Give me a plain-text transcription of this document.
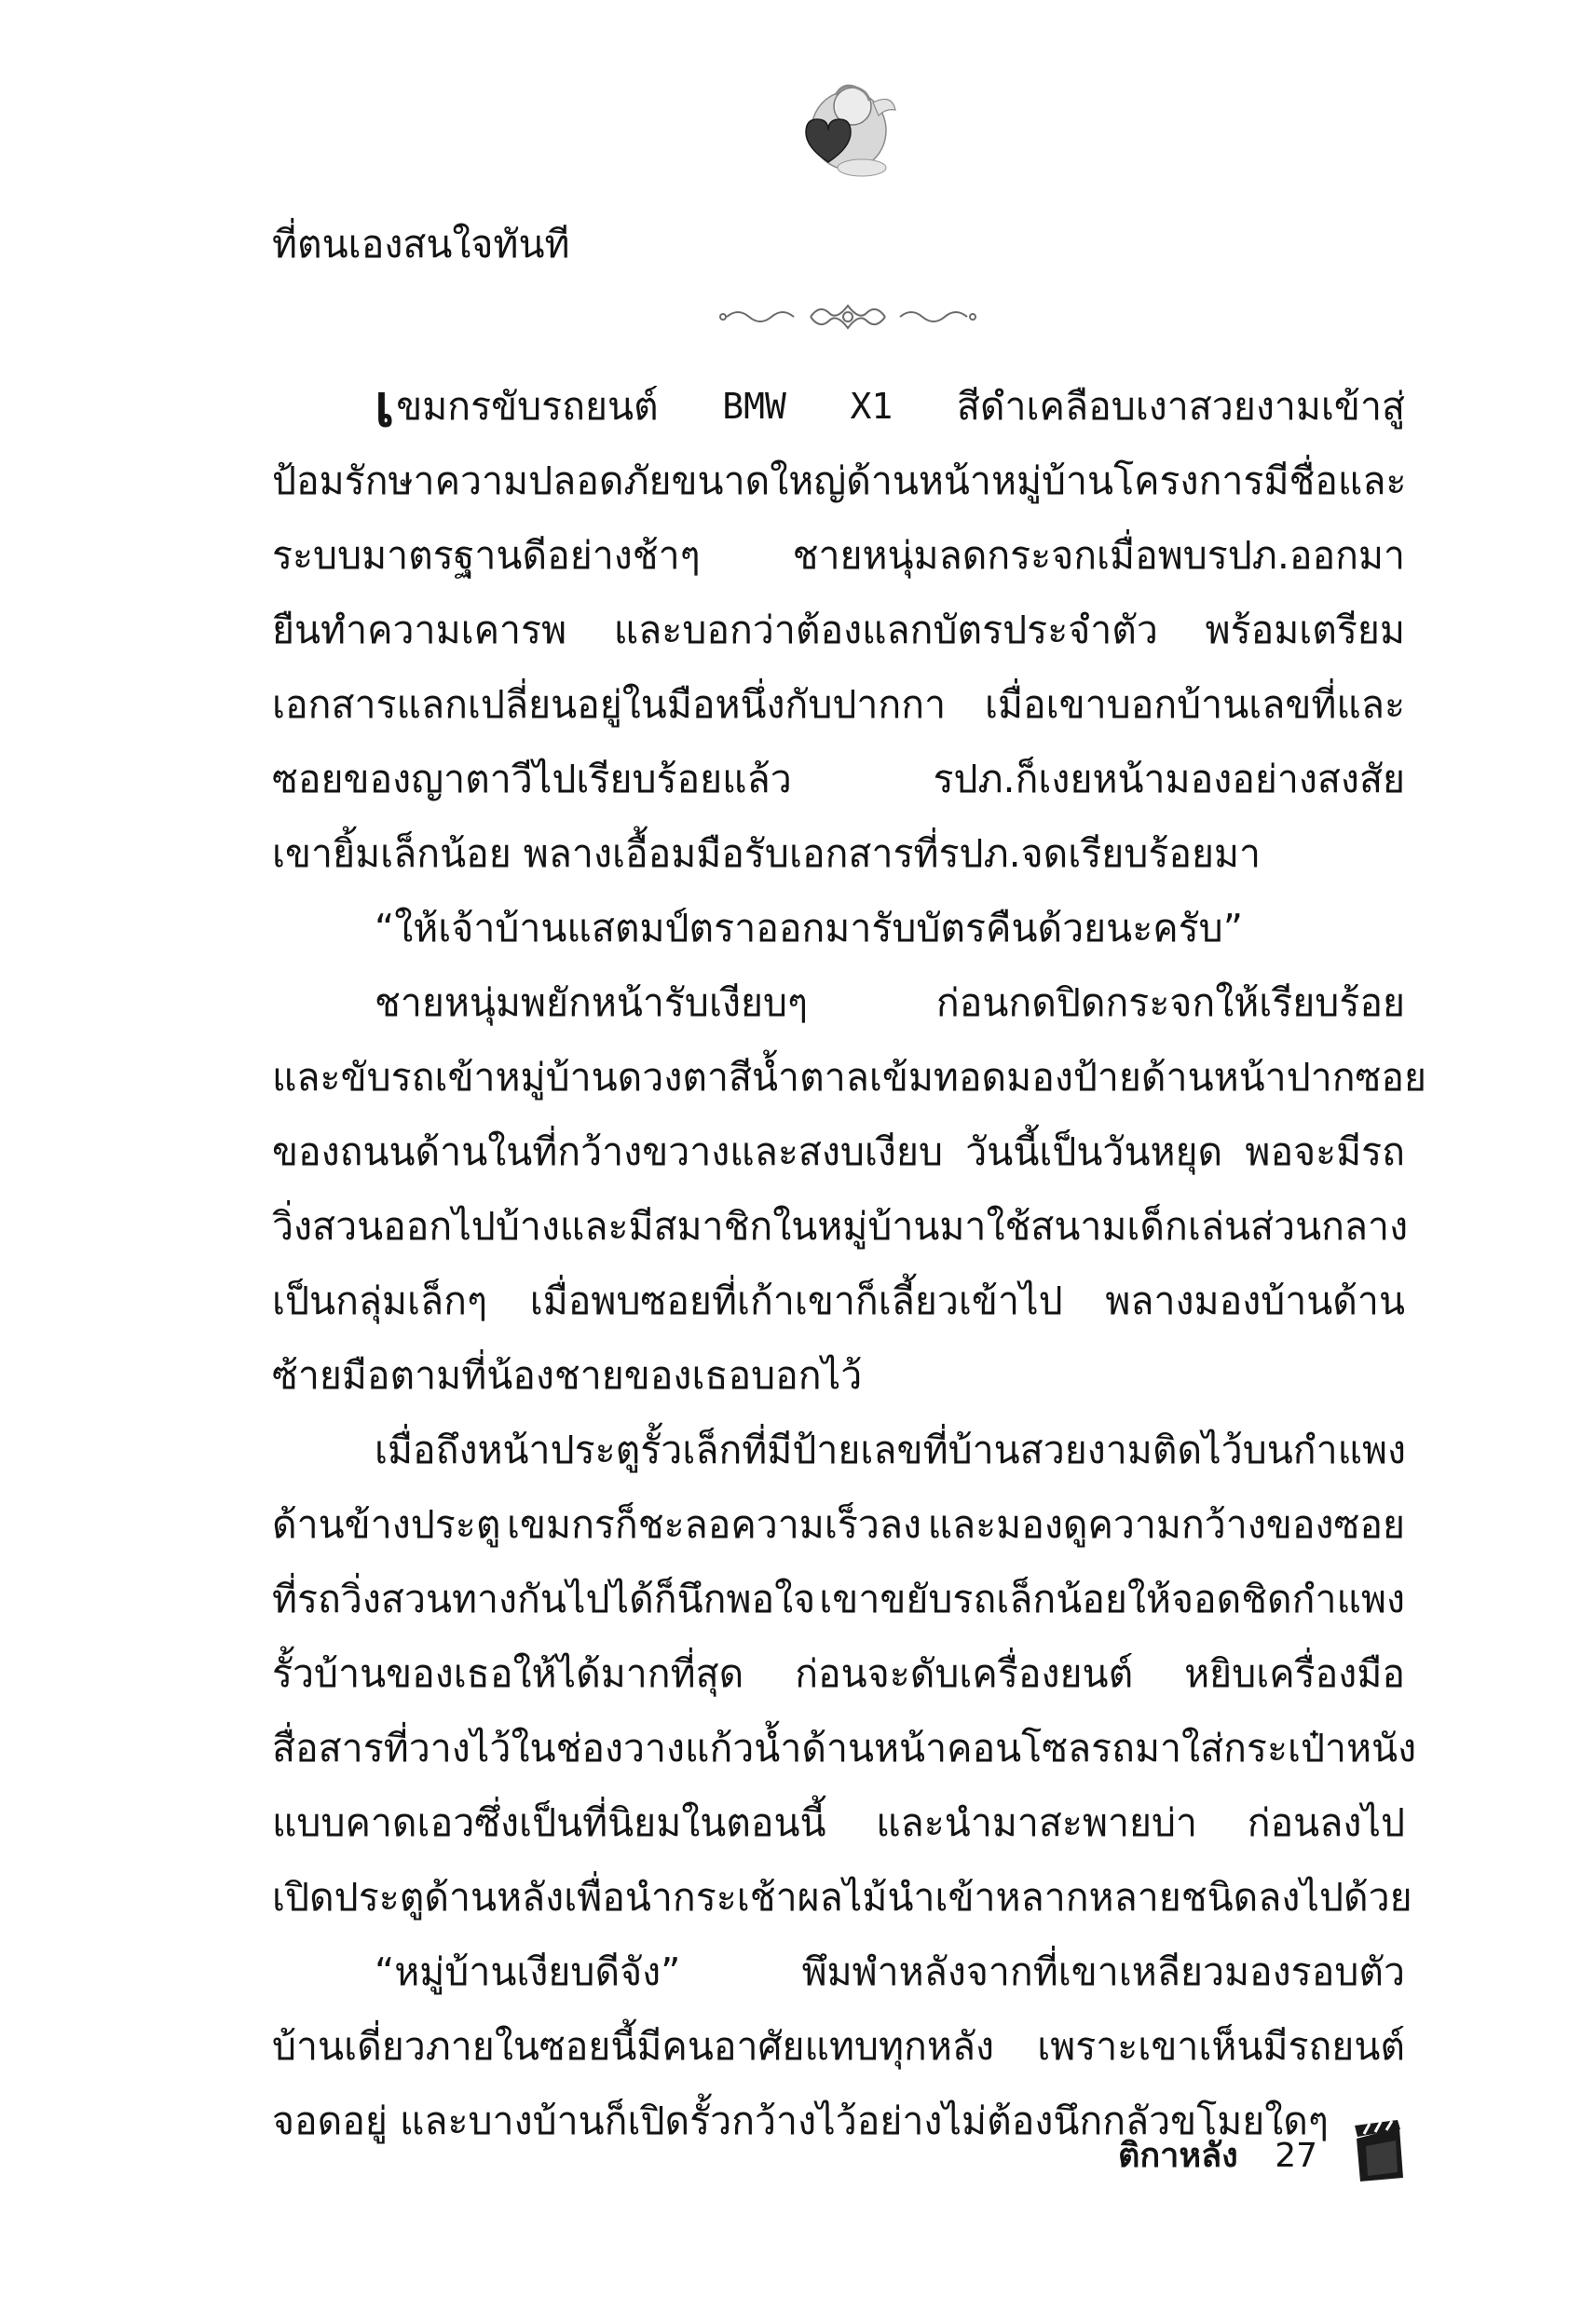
ที่ตนเองสนใจทันที
เ ขมกรขับรถยนต์ BMW X1 สีดำเคลือบเงาสวยงามเข้าสู่
ป้อมรักษาความปลอดภัยขนาดใหญ่ด้านหน้าหมู่บ้านโครงการมีชื่อและ
ระบบมาตรฐานดีอย่างช้าๆ ชายหนุ่มลดกระจกเมื่อพบรปภ.ออกมา
ยืนทำความเคารพ และบอกว่าต้องแลกบัตรประจำตัว พร้อมเตรียม
เอกสารแลกเปลี่ยนอยู่ในมือหนึ่งกับปากกา เมื่อเขาบอกบ้านเลขที่และ
ซอยของญาตาวีไปเรียบร้อยแล้ว	รปภ.ก็เงยหน้ามองอย่างสงสัย
เขายิ้มเล็กน้อย พลางเอื้อมมือรับเอกสารที่รปภ.จดเรียบร้อยมา
“ให้เจ้าบ้านแสตมป์ตราออกมารับบัตรคืนด้วยนะครับ”
ชายหนุ่มพยักหน้ารับเงียบๆ	ก่อนกดปิดกระจกให้เรียบร้อย
และขับรถเข้าหมู่บ้าน ดวงตาสีน้ำตาลเข้มทอดมองป้ายด้านหน้าปากซอย
ของถนนด้านในที่กว้างขวางและสงบเงียบ วันนี้เป็นวันหยุด พอจะมีรถ
วิ่งสวนออกไปบ้าง และมีสมาชิกในหมู่บ้านมาใช้สนามเด็กเล่นส่วนกลาง
เป็นกลุ่มเล็กๆ เมื่อพบซอยที่เก้าเขาก็เลี้ยวเข้าไป พลางมองบ้านด้าน
ซ้ายมือตามที่น้องชายของเธอบอกไว้
เมื่อถึงหน้าประตูรั้วเล็กที่มีป้ายเลขที่บ้านสวยงามติดไว้บนกำแพง
ด้านข้างประตู เขมกรก็ชะลอความเร็วลง และมองดูความกว้างของซอย
ที่รถวิ่งสวนทางกันไปได้ก็นึกพอใจ เขาขยับรถเล็กน้อยให้จอดชิดกำแพง
รั้วบ้านของเธอให้ได้มากที่สุด ก่อนจะดับเครื่องยนต์ หยิบเครื่องมือ
สื่อสารที่วางไว้ในช่องวางแก้วน้ำด้านหน้าคอนโซลรถมาใส่กระเป๋าหนัง
แบบคาดเอวซึ่งเป็นที่นิยมในตอนนี้ และนำมาสะพายบ่า ก่อนลงไป
เปิดประตูด้านหลังเพื่อนำกระเช้าผลไม้นำเข้าหลากหลายชนิดลงไปด้วย
“หมู่บ้านเงียบดีจัง”	พึมพำหลังจากที่เขาเหลียวมองรอบตัว
บ้านเดี่ยวภายในซอยนี้มีคนอาศัยแทบทุกหลัง เพราะเขาเห็นมีรถยนต์
จอดอยู่ และบางบ้านก็เปิดรั้วกว้างไว้อย่างไม่ต้องนึกกลัวขโมยใดๆ
ติกาหลัง 27
